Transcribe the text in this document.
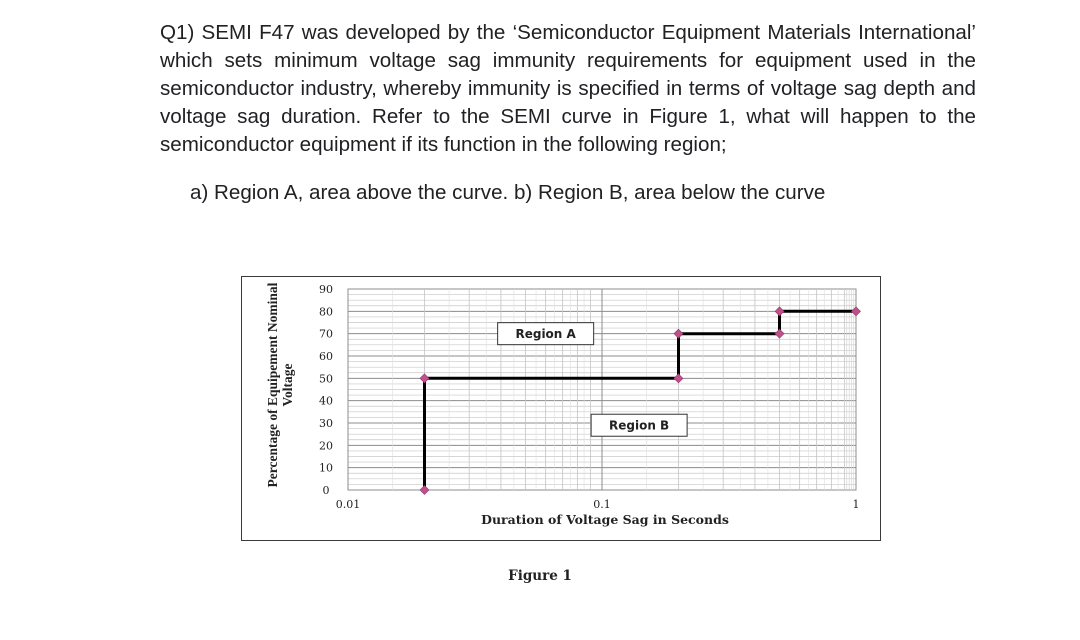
Q1) SEMI F47 was developed by the ‘Semiconductor Equipment Materials International’ which sets minimum voltage sag immunity requirements for equipment used in the semiconductor industry, whereby immunity is specified in terms of voltage sag depth and voltage sag duration. Refer to the SEMI curve in Figure 1, what will happen to the semiconductor equipment if its function in the following region;

a) Region A, area above the curve. b) Region B, area below the curve

0
10
20
30
40
50
60
70
80
90
0.01	0.1	1
Region A
Region B
Percentage of Equipement Nominal Voltage
Duration of Voltage Sag in Seconds
Figure 1
